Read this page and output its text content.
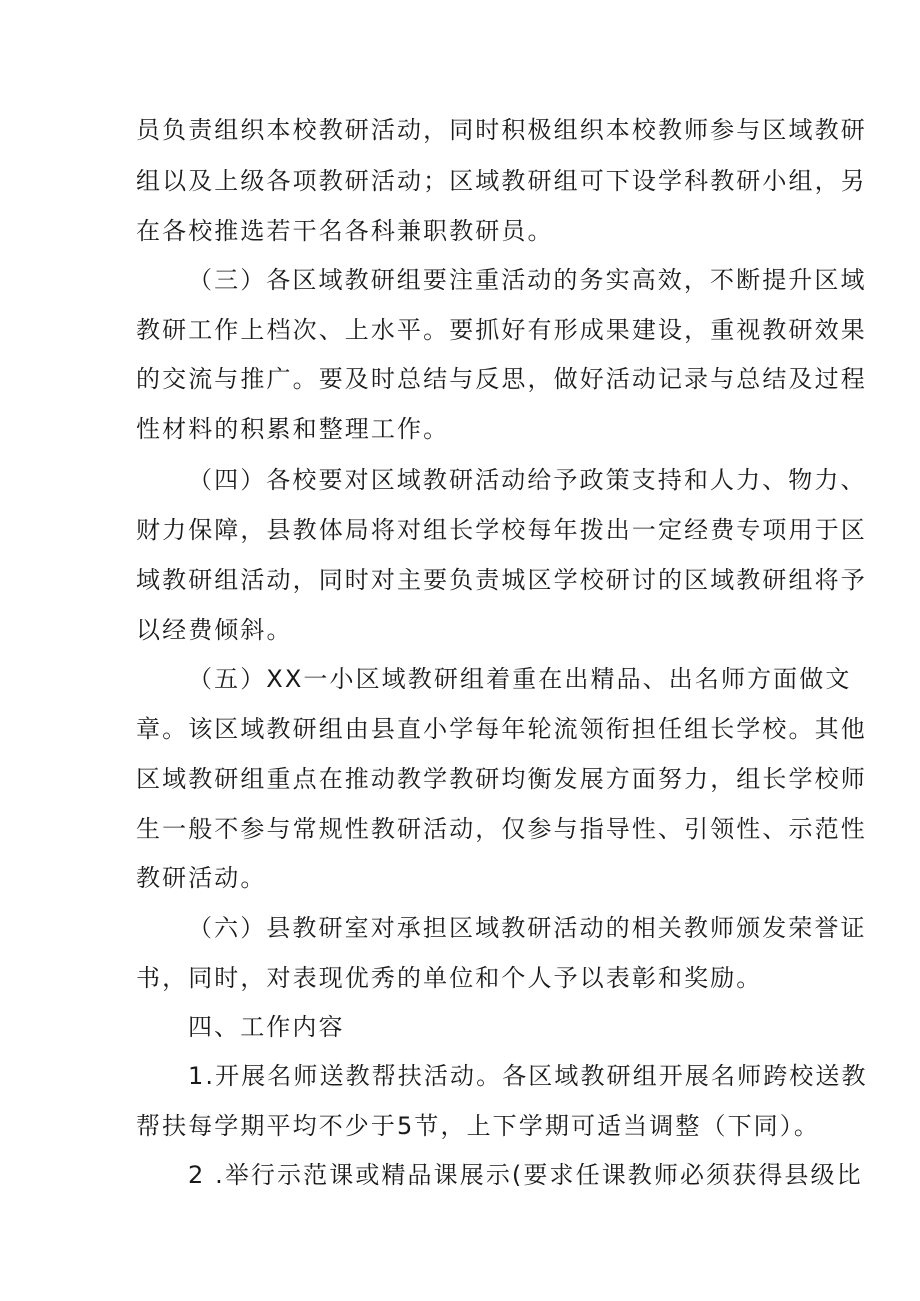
员负责组织本校教研活动，同时积极组织本校教师参与区域教研
组以及上级各项教研活动；区域教研组可下设学科教研小组，另
在各校推选若干名各科兼职教研员。
（三）各区域教研组要注重活动的务实高效，不断提升区域
教研工作上档次、上水平。要抓好有形成果建设，重视教研效果
的交流与推广。要及时总结与反思，做好活动记录与总结及过程
性材料的积累和整理工作。
（四）各校要对区域教研活动给予政策支持和人力、物力、
财力保障，县教体局将对组长学校每年拨出一定经费专项用于区
域教研组活动，同时对主要负责城区学校研讨的区域教研组将予
以经费倾斜。
（五）XX一小区域教研组着重在出精品、出名师方面做文
章。该区域教研组由县直小学每年轮流领衔担任组长学校。其他
区域教研组重点在推动教学教研均衡发展方面努力，组长学校师
生一般不参与常规性教研活动，仅参与指导性、引领性、示范性
教研活动。
（六）县教研室对承担区域教研活动的相关教师颁发荣誉证
书，同时，对表现优秀的单位和个人予以表彰和奖励。
四、工作内容
1.开展名师送教帮扶活动。各区域教研组开展名师跨校送教
帮扶每学期平均不少于5节，上下学期可适当调整（下同）。
2 .举行示范课或精品课展示(要求任课教师必须获得县级比
